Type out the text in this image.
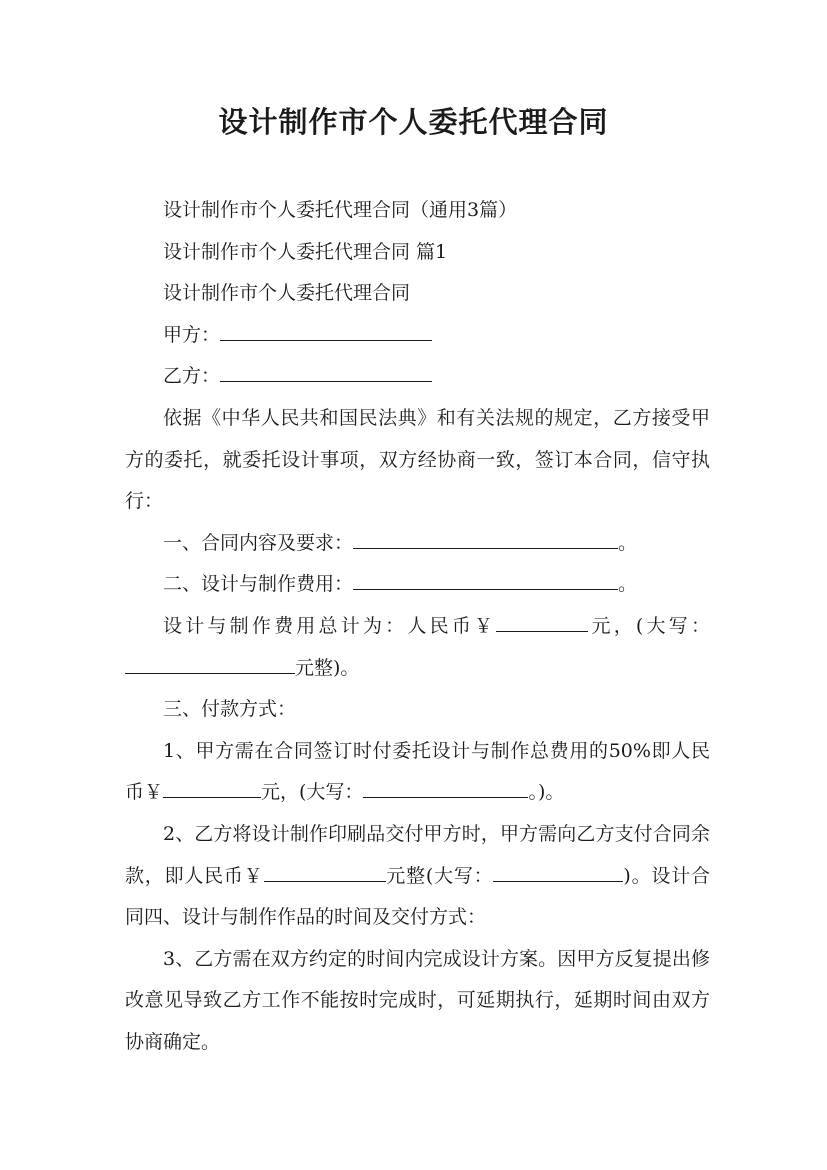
设计制作市个人委托代理合同

设计制作市个人委托代理合同（通用3篇）

设计制作市个人委托代理合同 篇1

设计制作市个人委托代理合同

甲方：

乙方：

依据《中华人民共和国民法典》和有关法规的规定，乙方接受甲方的委托，就委托设计事项，双方经协商一致，签订本合同，信守执行：

一、合同内容及要求：	。

二、设计与制作费用：	。

设计与制作费用总计为：人民币￥	元，(大写：元整)。

三、付款方式：

1、甲方需在合同签订时付委托设计与制作总费用的50%即人民币￥	元，(大写：	。)。

2、乙方将设计制作印刷品交付甲方时，甲方需向乙方支付合同余款，即人民币￥	元整(大写：	)。设计合同四、设计与制作作品的时间及交付方式：

3、乙方需在双方约定的时间内完成设计方案。因甲方反复提出修改意见导致乙方工作不能按时完成时，可延期执行，延期时间由双方协商确定。
